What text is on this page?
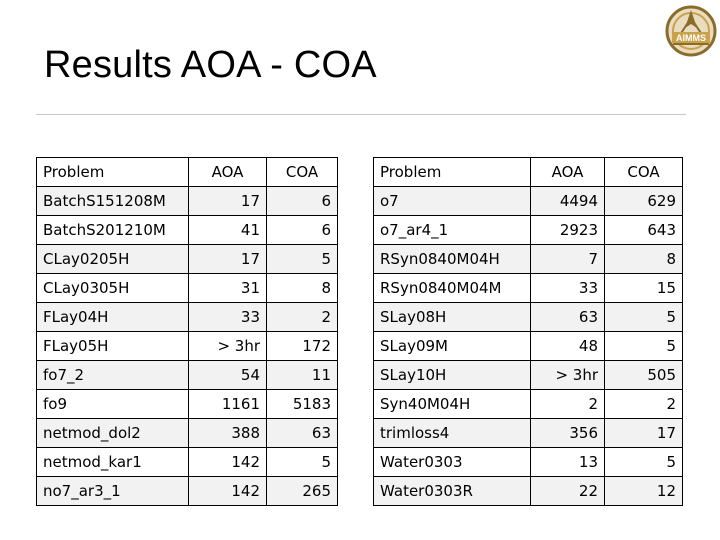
Results AOA - COA
AIMMS
Problem	AOA	COA
BatchS151208M	17	6
BatchS201210M	41	6
CLay0205H	17	5
CLay0305H	31	8
FLay04H	33	2
FLay05H	> 3hr	172
fo7_2	54	11
fo9	1161	5183
netmod_dol2	388	63
netmod_kar1	142	5
no7_ar3_1	142	265
Problem	AOA	COA
o7	4494	629
o7_ar4_1	2923	643
RSyn0840M04H	7	8
RSyn0840M04M	33	15
SLay08H	63	5
SLay09M	48	5
SLay10H	> 3hr	505
Syn40M04H	2	2
trimloss4	356	17
Water0303	13	5
Water0303R	22	12
